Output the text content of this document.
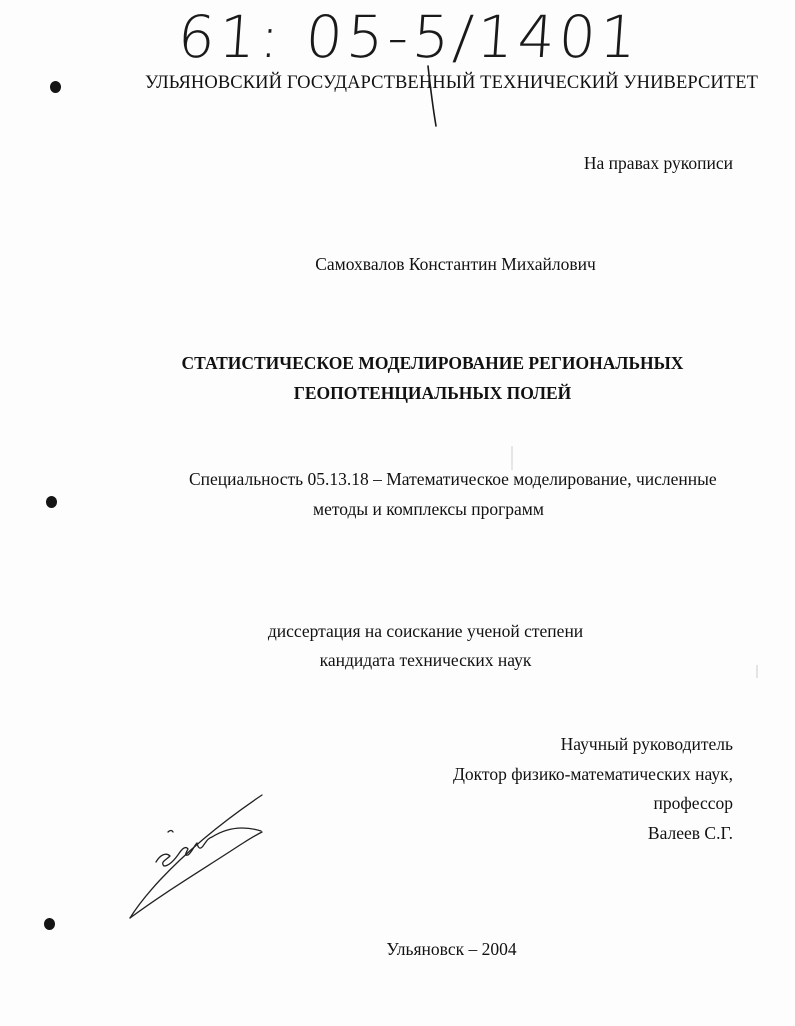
61: 05-5/1401
УЛЬЯНОВСКИЙ ГОСУДАРСТВЕННЫЙ ТЕХНИЧЕСКИЙ УНИВЕРСИТЕТ
На правах рукописи
Самохвалов Константин Михайлович
СТАТИСТИЧЕСКОЕ МОДЕЛИРОВАНИЕ РЕГИОНАЛЬНЫХ
ГЕОПОТЕНЦИАЛЬНЫХ ПОЛЕЙ
Специальность 05.13.18 – Математическое моделирование, численные
методы и комплексы программ
диссертация на соискание ученой степени
кандидата технических наук
Научный руководитель
Доктор физико-математических наук,
профессор
Валеев С.Г.
Ульяновск – 2004
